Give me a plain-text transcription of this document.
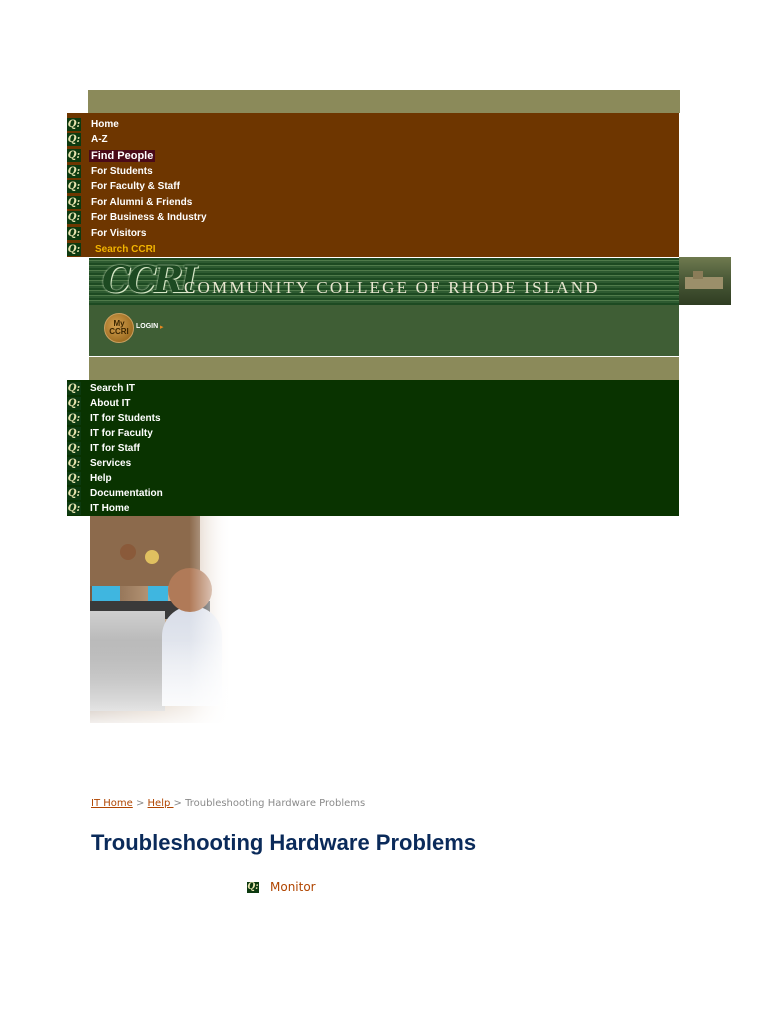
Q: Home
Q: A-Z
Q: Find People
Q: For Students
Q: For Faculty & Staff
Q: For Alumni & Friends
Q: For Business & Industry
Q: For Visitors
Q: Search CCRI
CCRI
COMMUNITY COLLEGE OF RHODE ISLAND
My CCRI
LOGIN ▸
Q: Search IT
Q: About IT
Q: IT for Students
Q: IT for Faculty
Q: IT for Staff
Q: Services
Q: Help
Q: Documentation
Q: IT Home
IT Home > Help > Troubleshooting Hardware Problems
Troubleshooting Hardware Problems
Q: Monitor
